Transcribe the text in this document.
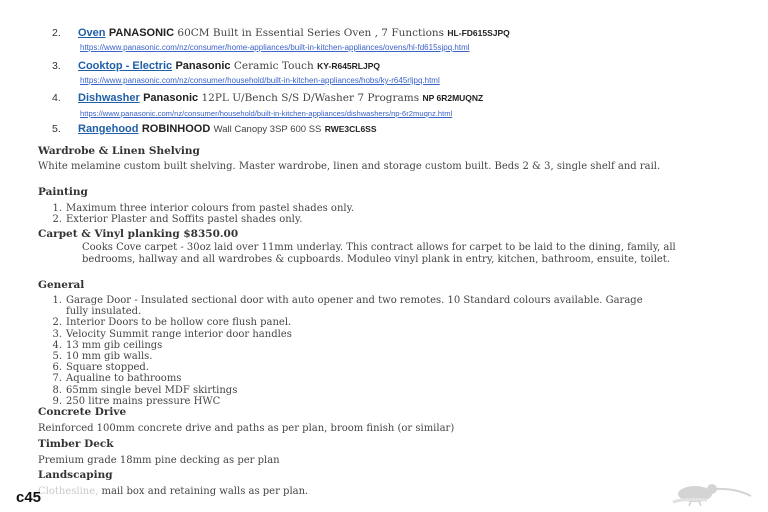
2. Oven PANASONIC 60CM Built in Essential Series Oven , 7 Functions HL-FD615SJPQ
https://www.panasonic.com/nz/consumer/home-appliances/built-in-kitchen-appliances/ovens/hl-fd615sjpq.html
3. Cooktop - Electric Panasonic Ceramic Touch KY-R645RLJPQ
https://www.panasonic.com/nz/consumer/household/built-in-kitchen-appliances/hobs/ky-r645rljpq.html
4. Dishwasher Panasonic 12PL U/Bench S/S D/Washer 7 Programs NP 6R2MUQNZ
https://www.panasonic.com/nz/consumer/household/built-in-kitchen-appliances/dishwashers/np-6r2muqnz.html
5. Rangehood ROBINHOOD Wall Canopy 3SP 600 SS RWE3CL6SS
Wardrobe & Linen Shelving
White melamine custom built shelving. Master wardrobe, linen and storage custom built. Beds 2 & 3, single shelf and rail.
Painting
1. Maximum three interior colours from pastel shades only.
2. Exterior Plaster and Soffits pastel shades only.
Carpet & Vinyl planking $8350.00
Cooks Cove carpet - 30oz laid over 11mm underlay. This contract allows for carpet to be laid to the dining, family, all bedrooms, hallway and all wardrobes & cupboards. Moduleo vinyl plank in entry, kitchen, bathroom, ensuite, toilet.
General
1. Garage Door - Insulated sectional door with auto opener and two remotes. 10 Standard colours available. Garage fully insulated.
2. Interior Doors to be hollow core flush panel.
3. Velocity Summit range interior door handles
4. 13 mm gib ceilings
5. 10 mm gib walls.
6. Square stopped.
7. Aqualine to bathrooms
8. 65mm single bevel MDF skirtings
9. 250 litre mains pressure HWC
Concrete Drive
Reinforced 100mm concrete drive and paths as per plan, broom finish (or similar)
Timber Deck
Premium grade 18mm pine decking as per plan
Landscaping
Clothesline, mail box and retaining walls as per plan.
c45
